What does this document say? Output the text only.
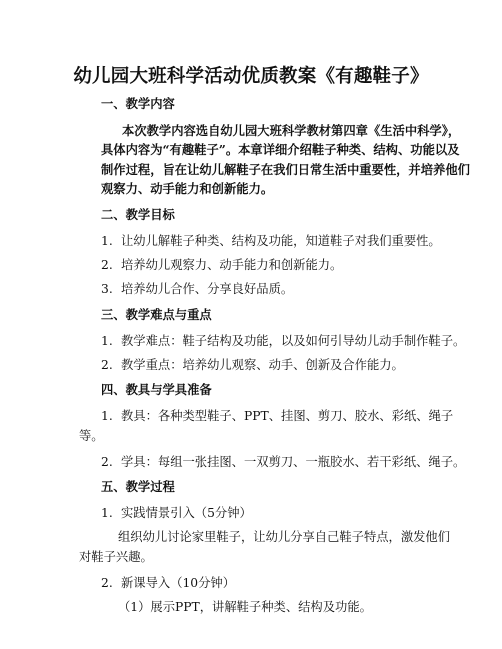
幼儿园大班科学活动优质教案《有趣鞋子》
一、教学内容
本次教学内容选自幼儿园大班科学教材第四章《生活中科学》，
具体内容为“有趣鞋子”。本章详细介绍鞋子种类、结构、功能以及
制作过程，旨在让幼儿解鞋子在我们日常生活中重要性，并培养他们
观察力、动手能力和创新能力。
二、教学目标
1. 让幼儿解鞋子种类、结构及功能，知道鞋子对我们重要性。
2. 培养幼儿观察力、动手能力和创新能力。
3. 培养幼儿合作、分享良好品质。
三、教学难点与重点
1. 教学难点：鞋子结构及功能，以及如何引导幼儿动手制作鞋子。
2. 教学重点：培养幼儿观察、动手、创新及合作能力。
四、教具与学具准备
1. 教具：各种类型鞋子、PPT、挂图、剪刀、胶水、彩纸、绳子
等。
2. 学具：每组一张挂图、一双剪刀、一瓶胶水、若干彩纸、绳子。
五、教学过程
1. 实践情景引入（5分钟）
组织幼儿讨论家里鞋子，让幼儿分享自己鞋子特点，激发他们
对鞋子兴趣。
2. 新课导入（10分钟）
（1）展示PPT，讲解鞋子种类、结构及功能。
